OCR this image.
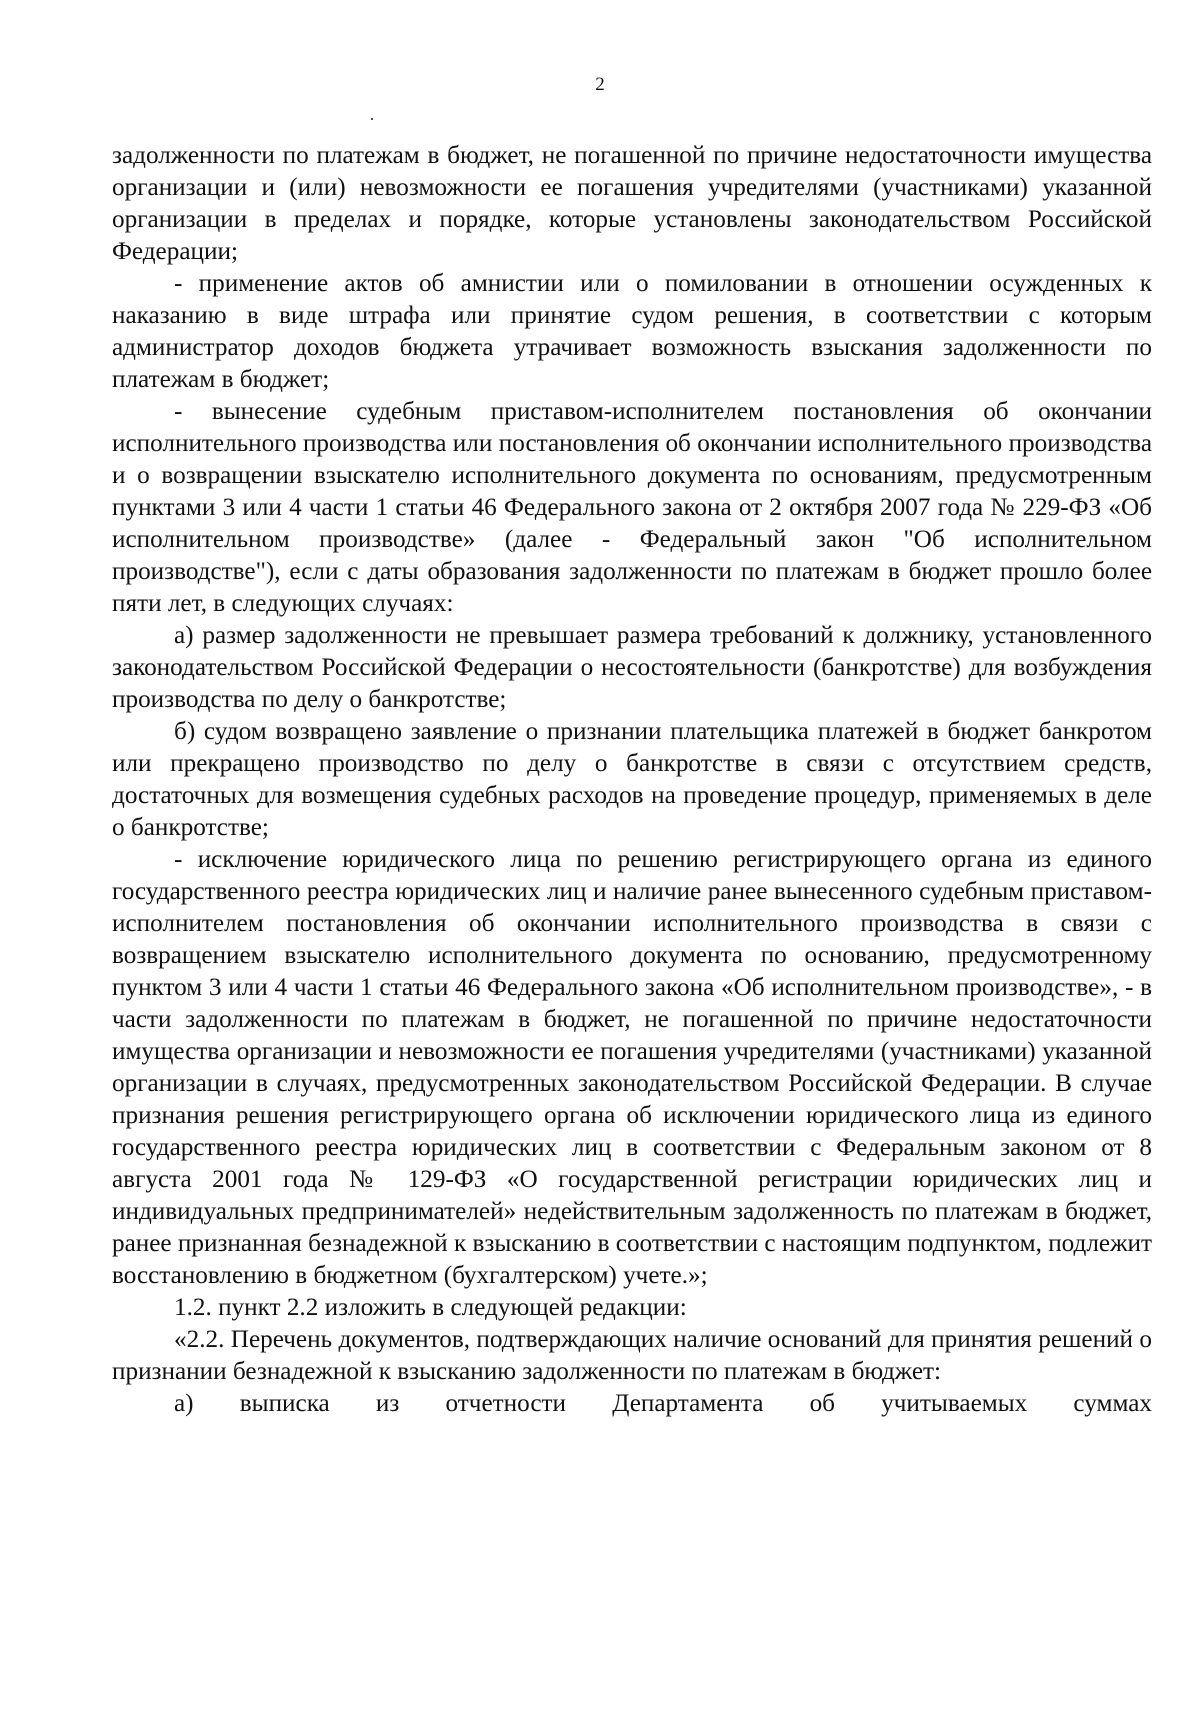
2

задолженности по платежам в бюджет, не погашенной по причине недостаточности имущества организации и (или) невозможности ее погашения учредителями (участниками) указанной организации в пределах и порядке, которые установлены законодательством Российской Федерации;

- применение актов об амнистии или о помиловании в отношении осужденных к наказанию в виде штрафа или принятие судом решения, в соответствии с которым администратор доходов бюджета утрачивает возможность взыскания задолженности по платежам в бюджет;

- вынесение судебным приставом-исполнителем постановления об окончании исполнительного производства или постановления об окончании исполнительного производства и о возвращении взыскателю исполнительного документа по основаниям, предусмотренным пунктами 3 или 4 части 1 статьи 46 Федерального закона от 2 октября 2007 года № 229-ФЗ «Об исполнительном производстве» (далее - Федеральный закон "Об исполнительном производстве"), если с даты образования задолженности по платежам в бюджет прошло более пяти лет, в следующих случаях:

а) размер задолженности не превышает размера требований к должнику, установленного законодательством Российской Федерации о несостоятельности (банкротстве) для возбуждения производства по делу о банкротстве;

б) судом возвращено заявление о признании плательщика платежей в бюджет банкротом или прекращено производство по делу о банкротстве в связи с отсутствием средств, достаточных для возмещения судебных расходов на проведение процедур, применяемых в деле о банкротстве;

- исключение юридического лица по решению регистрирующего органа из единого государственного реестра юридических лиц и наличие ранее вынесенного судебным приставом-исполнителем постановления об окончании исполнительного производства в связи с возвращением взыскателю исполнительного документа по основанию, предусмотренному пунктом 3 или 4 части 1 статьи 46 Федерального закона «Об исполнительном производстве», - в части задолженности по платежам в бюджет, не погашенной по причине недостаточности имущества организации и невозможности ее погашения учредителями (участниками) указанной организации в случаях, предусмотренных законодательством Российской Федерации. В случае признания решения регистрирующего органа об исключении юридического лица из единого государственного реестра юридических лиц в соответствии с Федеральным законом от 8 августа 2001 года № 129-ФЗ «О государственной регистрации юридических лиц и индивидуальных предпринимателей» недействительным задолженность по платежам в бюджет, ранее признанная безнадежной к взысканию в соответствии с настоящим подпунктом, подлежит восстановлению в бюджетном (бухгалтерском) учете.»;

1.2. пункт 2.2 изложить в следующей редакции:

«2.2. Перечень документов, подтверждающих наличие оснований для принятия решений о признании безнадежной к взысканию задолженности по платежам в бюджет:

а) выписка из отчетности Департамента об учитываемых суммах
